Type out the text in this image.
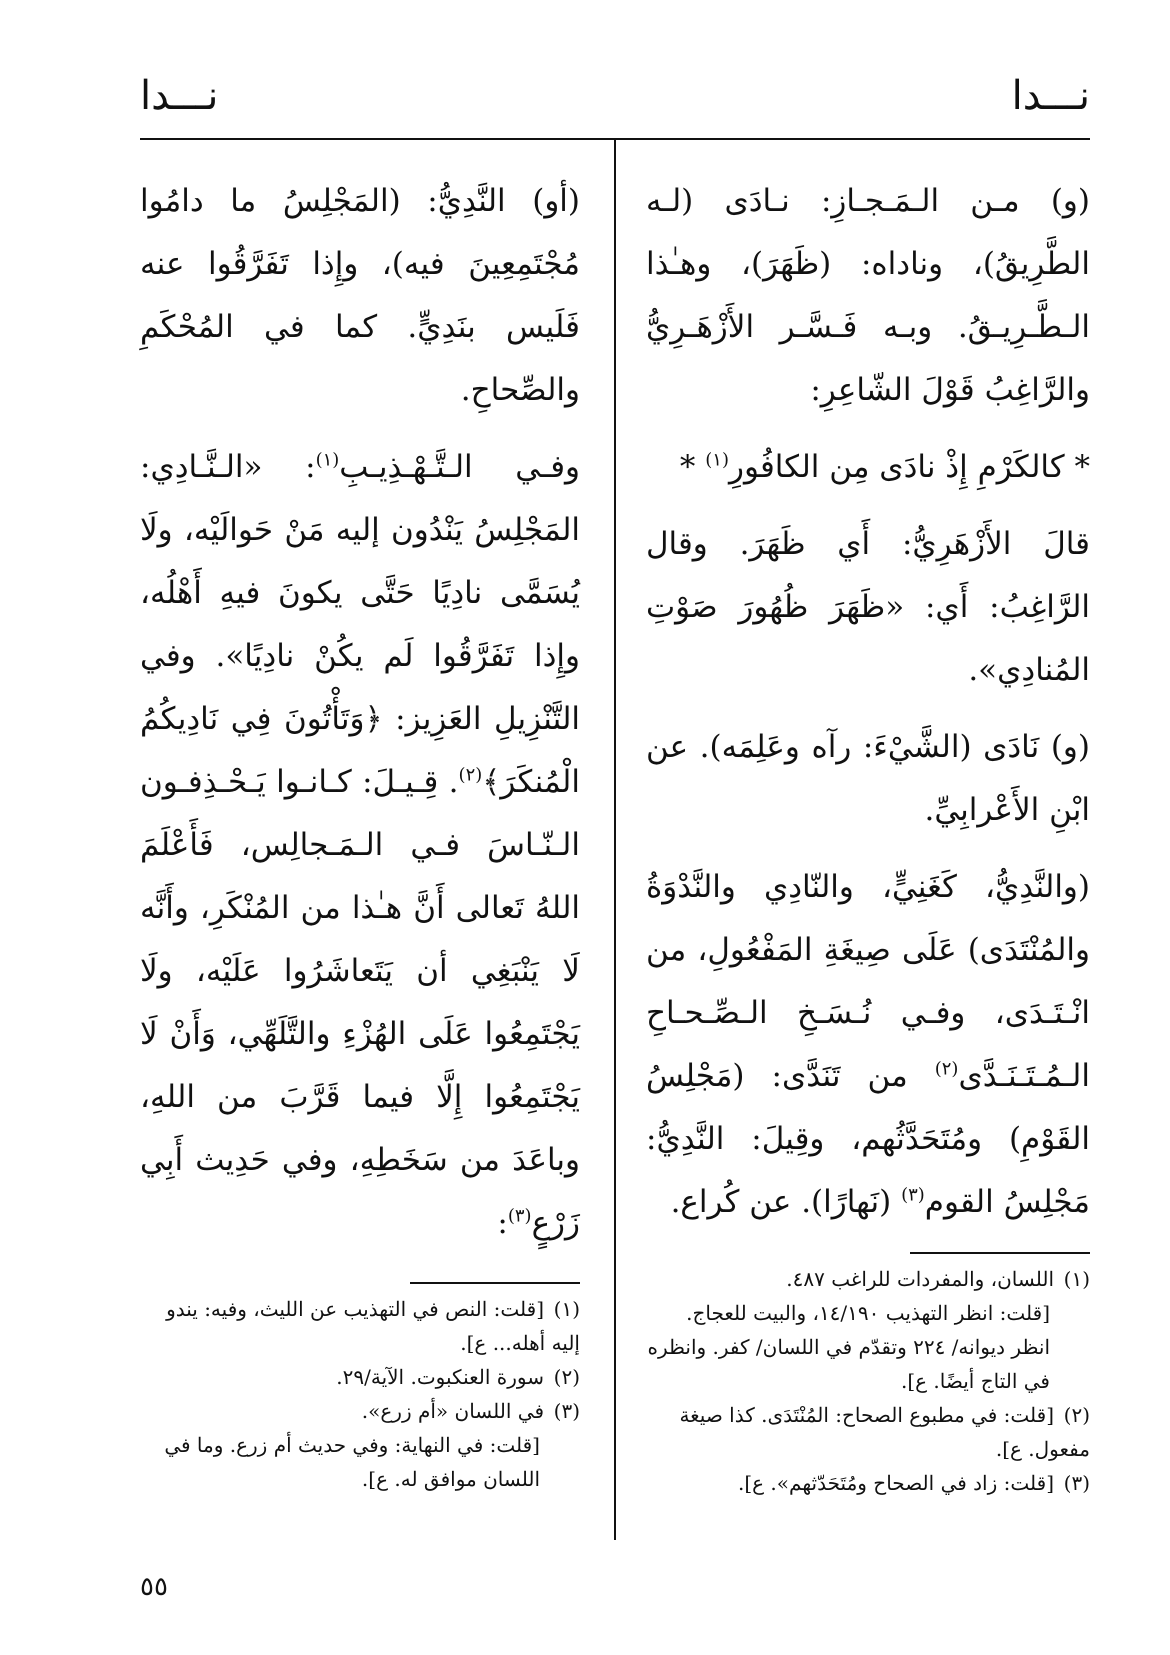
نـــدا
نـــدا

(و) مـن الـمَـجـازِ: نـادَى (لـه الطَّرِيقُ)، وناداه: (ظَهَرَ)، وهـٰذا الـطَّـرِيـقُ. وبـه فَـسَّـر الأَزْهَـرِيُّ والرَّاغِبُ قَوْلَ الشّاعِرِ:

* كالكَرْمِ إِذْ نادَى مِن الكافُورِ$^{(١)}$ *

قالَ الأَزْهَرِيُّ: أَي ظَهَرَ. وقال الرَّاغِبُ: أَي: «ظَهَرَ ظُهُورَ صَوْتِ المُنادِي».

(و) نَادَى (الشَّيْءَ: رآه وعَلِمَه). عن ابْنِ الأَعْرابِيِّ.

(والنَّدِيُّ، كَغَنِيٍّ، والنّادِي والنَّدْوَةُ والمُنْتَدَى) عَلَى صِيغَةِ المَفْعُولِ، من انْـتَـدَى، وفـي نُـسَـخِ الـصِّـحـاحِ الـمُـتَـنَـدَّى$^{(٢)}$ من تَنَدَّى: (مَجْلِسُ القَوْمِ) ومُتَحَدَّثُهم، وقِيلَ: النَّدِيُّ: مَجْلِسُ القوم$^{(٣)}$ (نَهارًا). عن كُراع.

(أو) النَّدِيُّ: (المَجْلِسُ ما دامُوا مُجْتَمِعِينَ فيه)، وإِذا تَفَرَّقُوا عنه فَلَيس بنَدِيٍّ. كما في المُحْكَمِ والصِّحاحِ.

وفـي الـتَّـهْـذِيـبِ$^{(١)}$: «الـنَّـادِي: المَجْلِسُ يَنْدُون إليه مَنْ حَوالَيْه، ولَا يُسَمَّى نادِيًا حَتَّى يكونَ فيهِ أَهْلُه، وإِذا تَفَرَّقُوا لَم يكُنْ نادِيًا». وفي التَّنْزِيلِ العَزِيز: ﴿وَتَأْتُونَ فِي نَادِيكُمُ الْمُنكَرَ﴾$^{(٢)}$. قِـيـلَ: كـانـوا يَـحْـذِفـون الـنّـاسَ فـي الـمَـجالِس، فَأَعْلَمَ اللهُ تَعالى أَنَّ هـٰذا من المُنْكَرِ، وأَنَّه لَا يَنْبَغِي أن يَتَعاشَرُوا عَلَيْه، ولَا يَجْتَمِعُوا عَلَى الهُزْءِ والتَّلَهِّي، وَأَنْ لَا يَجْتَمِعُوا إِلَّا فيما قَرَّبَ من اللهِ، وباعَدَ من سَخَطِهِ، وفي حَدِيث أَبِي زَرْعٍ$^{(٣)}$:

(١)اللسان، والمفردات للراغب ٤٨٧.

[قلت: انظر التهذيب ١٤/١٩٠، والبيت للعجاج. انظر ديوانه/ ٢٢٤ وتقدّم في اللسان/ كفر. وانظره في التاج أيضًا. ع].

(٢)[قلت: في مطبوع الصحاح: المُنْتَدَى. كذا صيغة مفعول. ع].

(٣)[قلت: زاد في الصحاح ومُتَحَدّثهم». ع].

(١)[قلت: النص في التهذيب عن الليث، وفيه: يندو إليه أهله... ع].

(٢)سورة العنكبوت. الآية/٢٩.

(٣)في اللسان «أم زرع».

[قلت: في النهاية: وفي حديث أم زرع. وما في اللسان موافق له. ع].

٥٥
